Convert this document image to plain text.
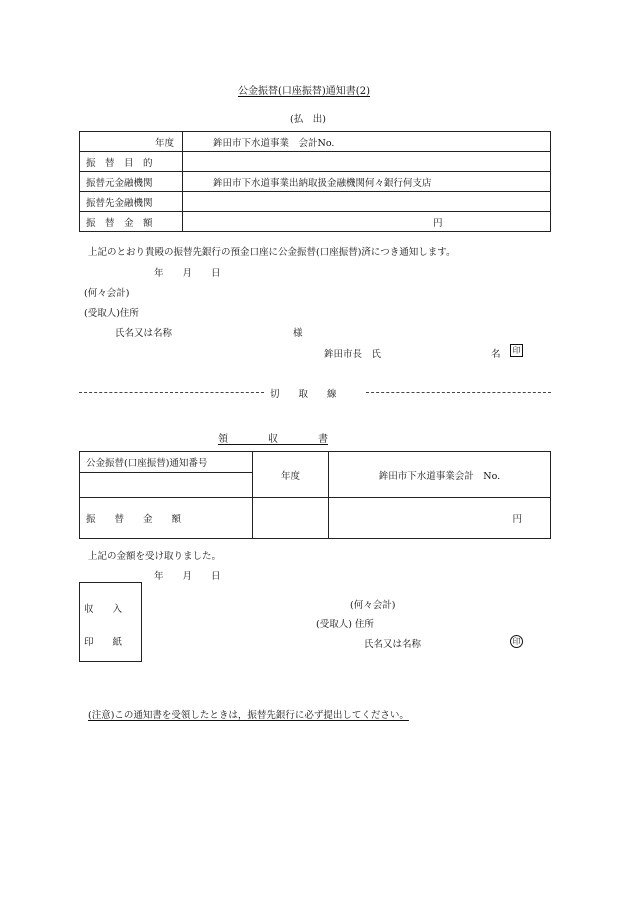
公金振替(口座振替)通知書(2)
(払　出)
年度	鉾田市下水道事業　会計No.
振　替　目　的	
振替元金融機関	鉾田市下水道事業出納取扱金融機関何々銀行何支店
振替先金融機関	
振　替　金　額	円
上記のとおり貴殿の振替先銀行の預金口座に公金振替(口座振替)済につき通知します。
年　　月　　日
(何々会計)
(受取人)住所
氏名又は名称	様
鉾田市長　氏	名	印
切　　取　　線
領　　　　収　　　　書
公金振替(口座振替)通知番号	年度	鉾田市下水道事業会計　No.

振　　替　　金　　額		円
上記の金額を受け取りました。
年　　月　　日
収　　入
印　　紙
(何々会計)
(受取人) 住所
氏名又は名称	印
(注意)この通知書を受領したときは，振替先銀行に必ず提出してください。
